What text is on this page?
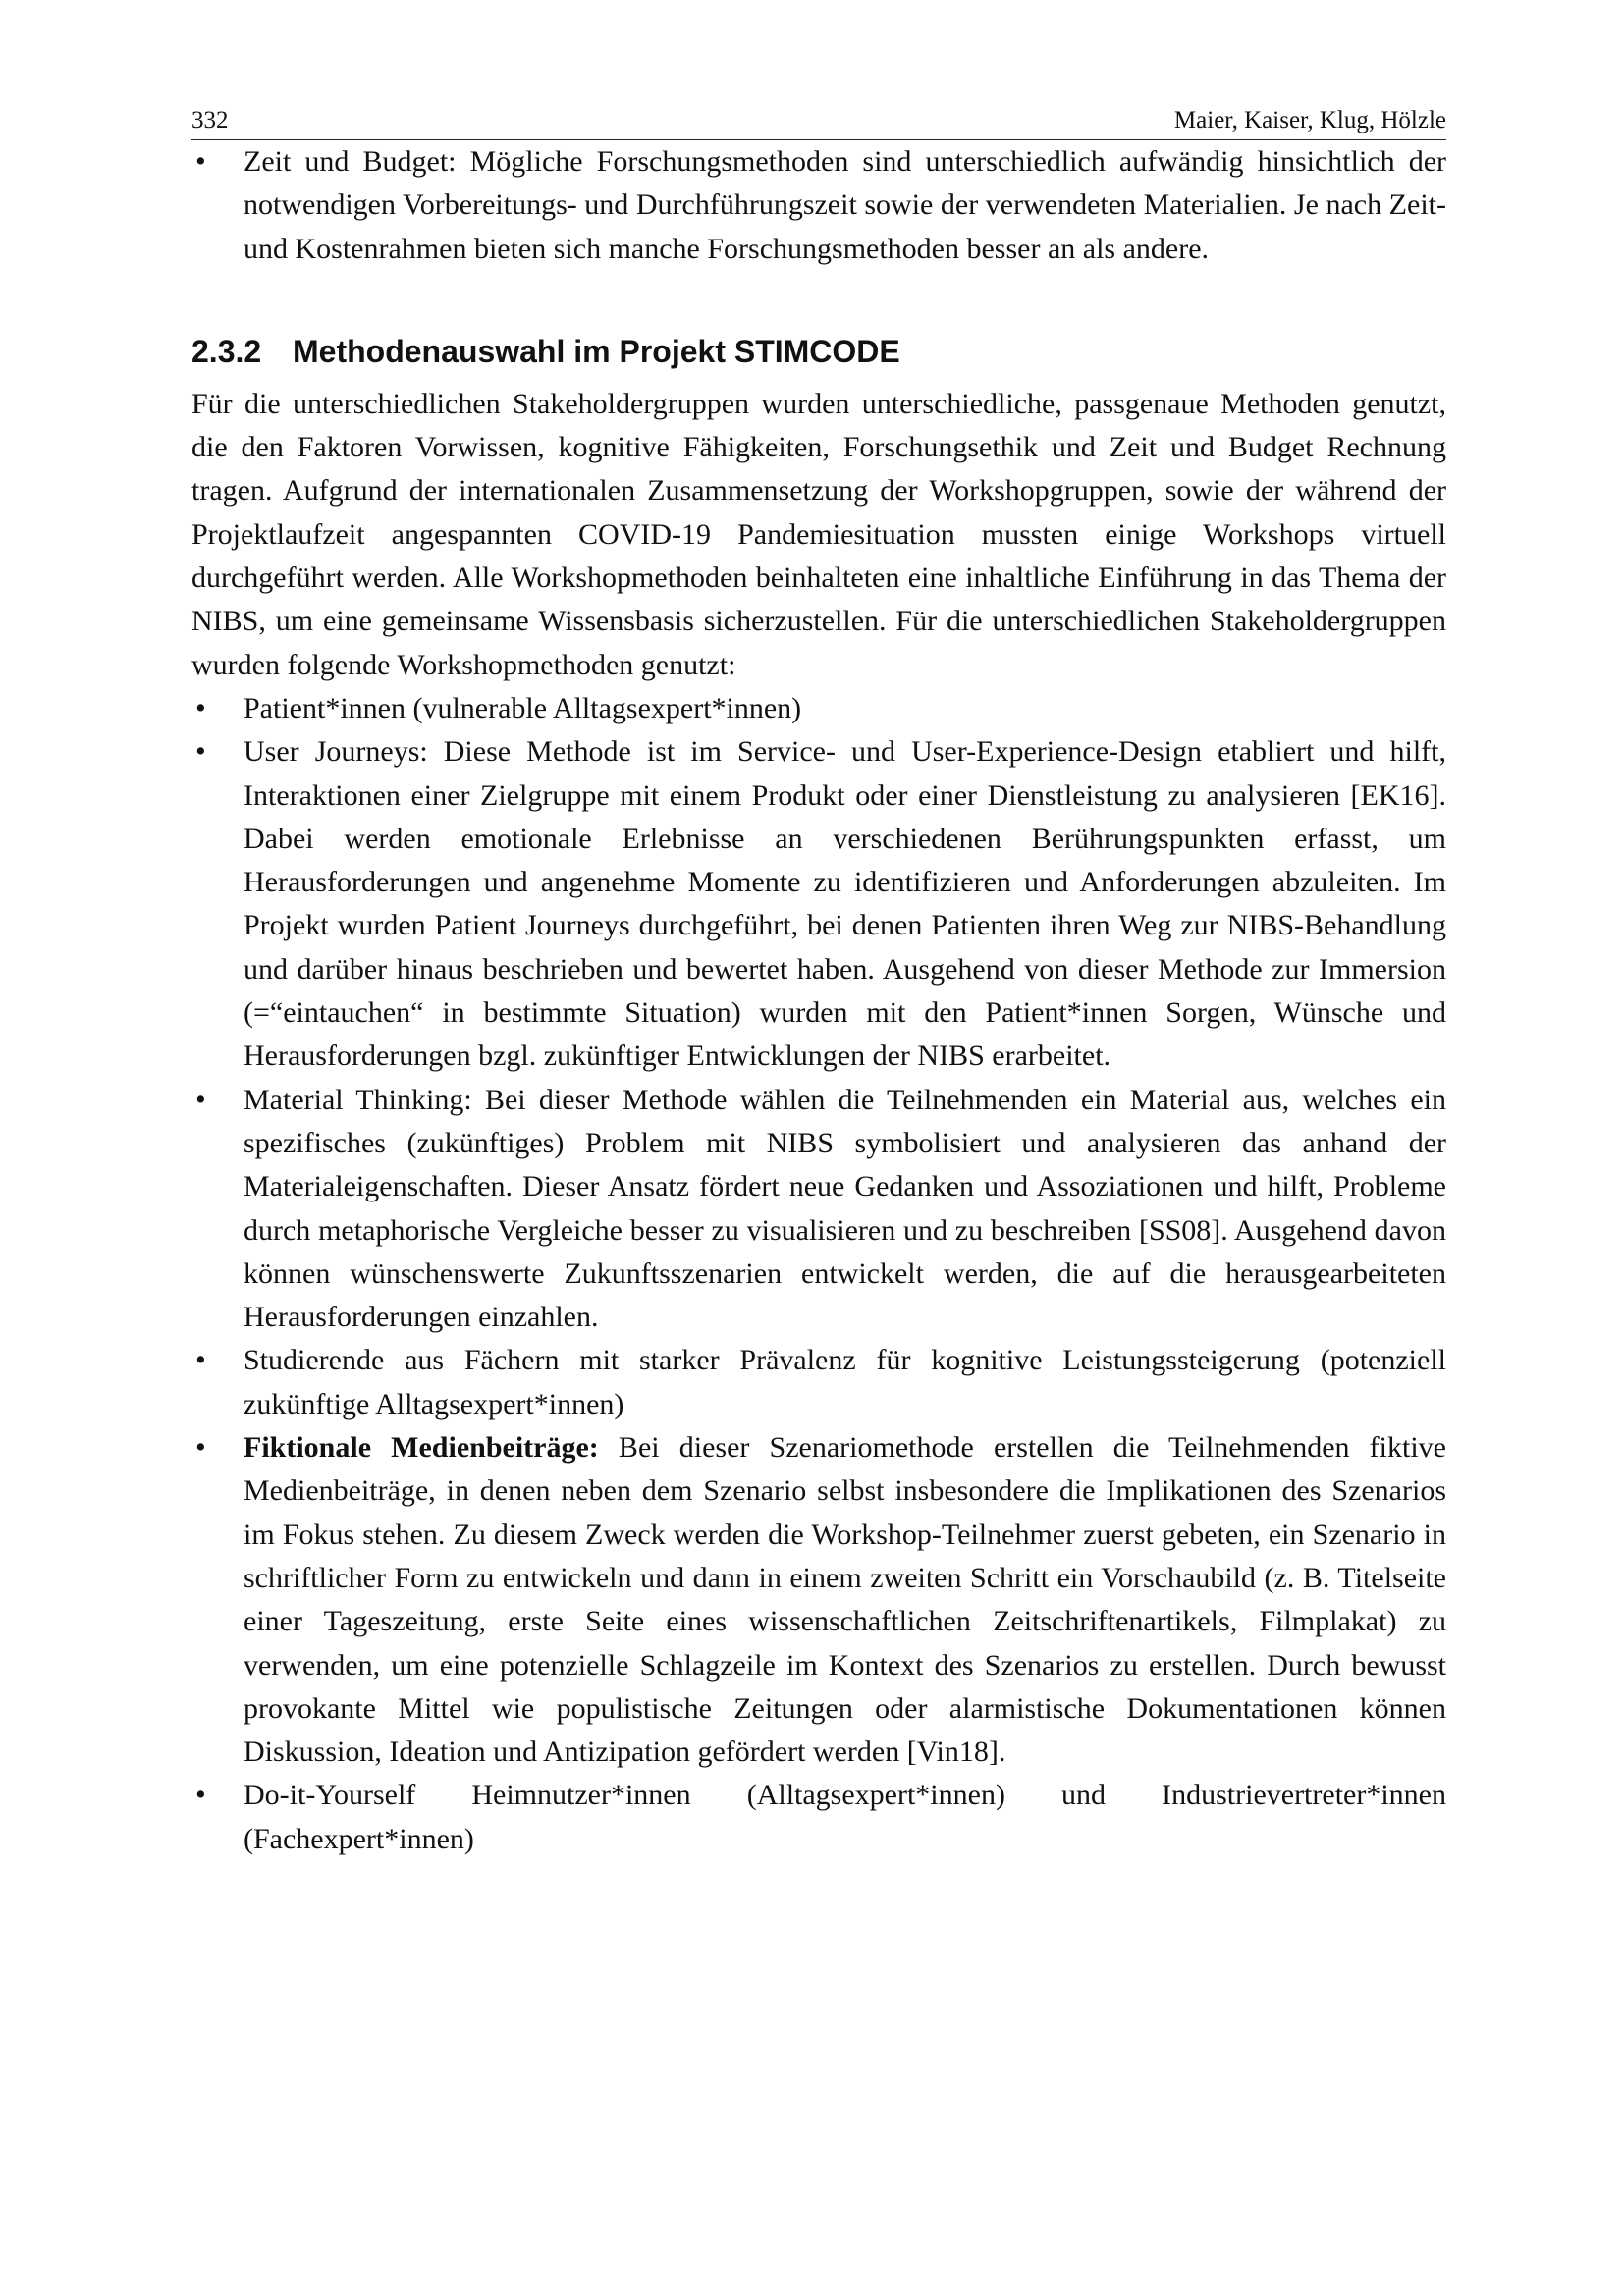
332	Maier, Kaiser, Klug, Hölzle
• Zeit und Budget: Mögliche Forschungsmethoden sind unterschiedlich aufwändig hinsichtlich der notwendigen Vorbereitungs- und Durchführungszeit sowie der verwendeten Materialien. Je nach Zeit- und Kostenrahmen bieten sich manche Forschungsmethoden besser an als andere.
2.3.2 Methodenauswahl im Projekt STIMCODE

Für die unterschiedlichen Stakeholdergruppen wurden unterschiedliche, passgenaue Methoden genutzt, die den Faktoren Vorwissen, kognitive Fähigkeiten, Forschungsethik und Zeit und Budget Rechnung tragen. Aufgrund der internationalen Zusammensetzung der Workshopgruppen, sowie der während der Projektlaufzeit angespannten COVID-19 Pandemiesituation mussten einige Workshops virtuell durchgeführt werden. Alle Workshopmethoden beinhalteten eine inhaltliche Einführung in das Thema der NIBS, um eine gemeinsame Wissensbasis sicherzustellen. Für die unterschiedlichen Stakeholdergruppen wurden folgende Workshopmethoden genutzt:

• Patient*innen (vulnerable Alltagsexpert*innen)
• User Journeys: Diese Methode ist im Service- und User-Experience-Design etabliert und hilft, Interaktionen einer Zielgruppe mit einem Produkt oder einer Dienstleistung zu analysieren [EK16]. Dabei werden emotionale Erlebnisse an verschiedenen Berührungspunkten erfasst, um Herausforderungen und angenehme Momente zu identifizieren und Anforderungen abzuleiten. Im Projekt wurden Patient Journeys durchgeführt, bei denen Patienten ihren Weg zur NIBS-Behandlung und darüber hinaus beschrieben und bewertet haben. Ausgehend von dieser Methode zur Immersion (=“eintauchen“ in bestimmte Situation) wurden mit den Patient*innen Sorgen, Wünsche und Herausforderungen bzgl. zukünftiger Entwicklungen der NIBS erarbeitet.
• Material Thinking: Bei dieser Methode wählen die Teilnehmenden ein Material aus, welches ein spezifisches (zukünftiges) Problem mit NIBS symbolisiert und analysieren das anhand der Materialeigenschaften. Dieser Ansatz fördert neue Gedanken und Assoziationen und hilft, Probleme durch metaphorische Vergleiche besser zu visualisieren und zu beschreiben [SS08]. Ausgehend davon können wünschenswerte Zukunftsszenarien entwickelt werden, die auf die herausgearbeiteten Herausforderungen einzahlen.
• Studierende aus Fächern mit starker Prävalenz für kognitive Leistungssteigerung (potenziell zukünftige Alltagsexpert*innen)
• Fiktionale Medienbeiträge: Bei dieser Szenariomethode erstellen die Teilnehmenden fiktive Medienbeiträge, in denen neben dem Szenario selbst insbesondere die Implikationen des Szenarios im Fokus stehen. Zu diesem Zweck werden die Workshop-Teilnehmer zuerst gebeten, ein Szenario in schriftlicher Form zu entwickeln und dann in einem zweiten Schritt ein Vorschaubild (z. B. Titelseite einer Tageszeitung, erste Seite eines wissenschaftlichen Zeitschriftenartikels, Filmplakat) zu verwenden, um eine potenzielle Schlagzeile im Kontext des Szenarios zu erstellen. Durch bewusst provokante Mittel wie populistische Zeitungen oder alarmistische Dokumentationen können Diskussion, Ideation und Antizipation gefördert werden [Vin18].
• Do-it-Yourself Heimnutzer*innen (Alltagsexpert*innen) und Industrievertreter*innen (Fachexpert*innen)
